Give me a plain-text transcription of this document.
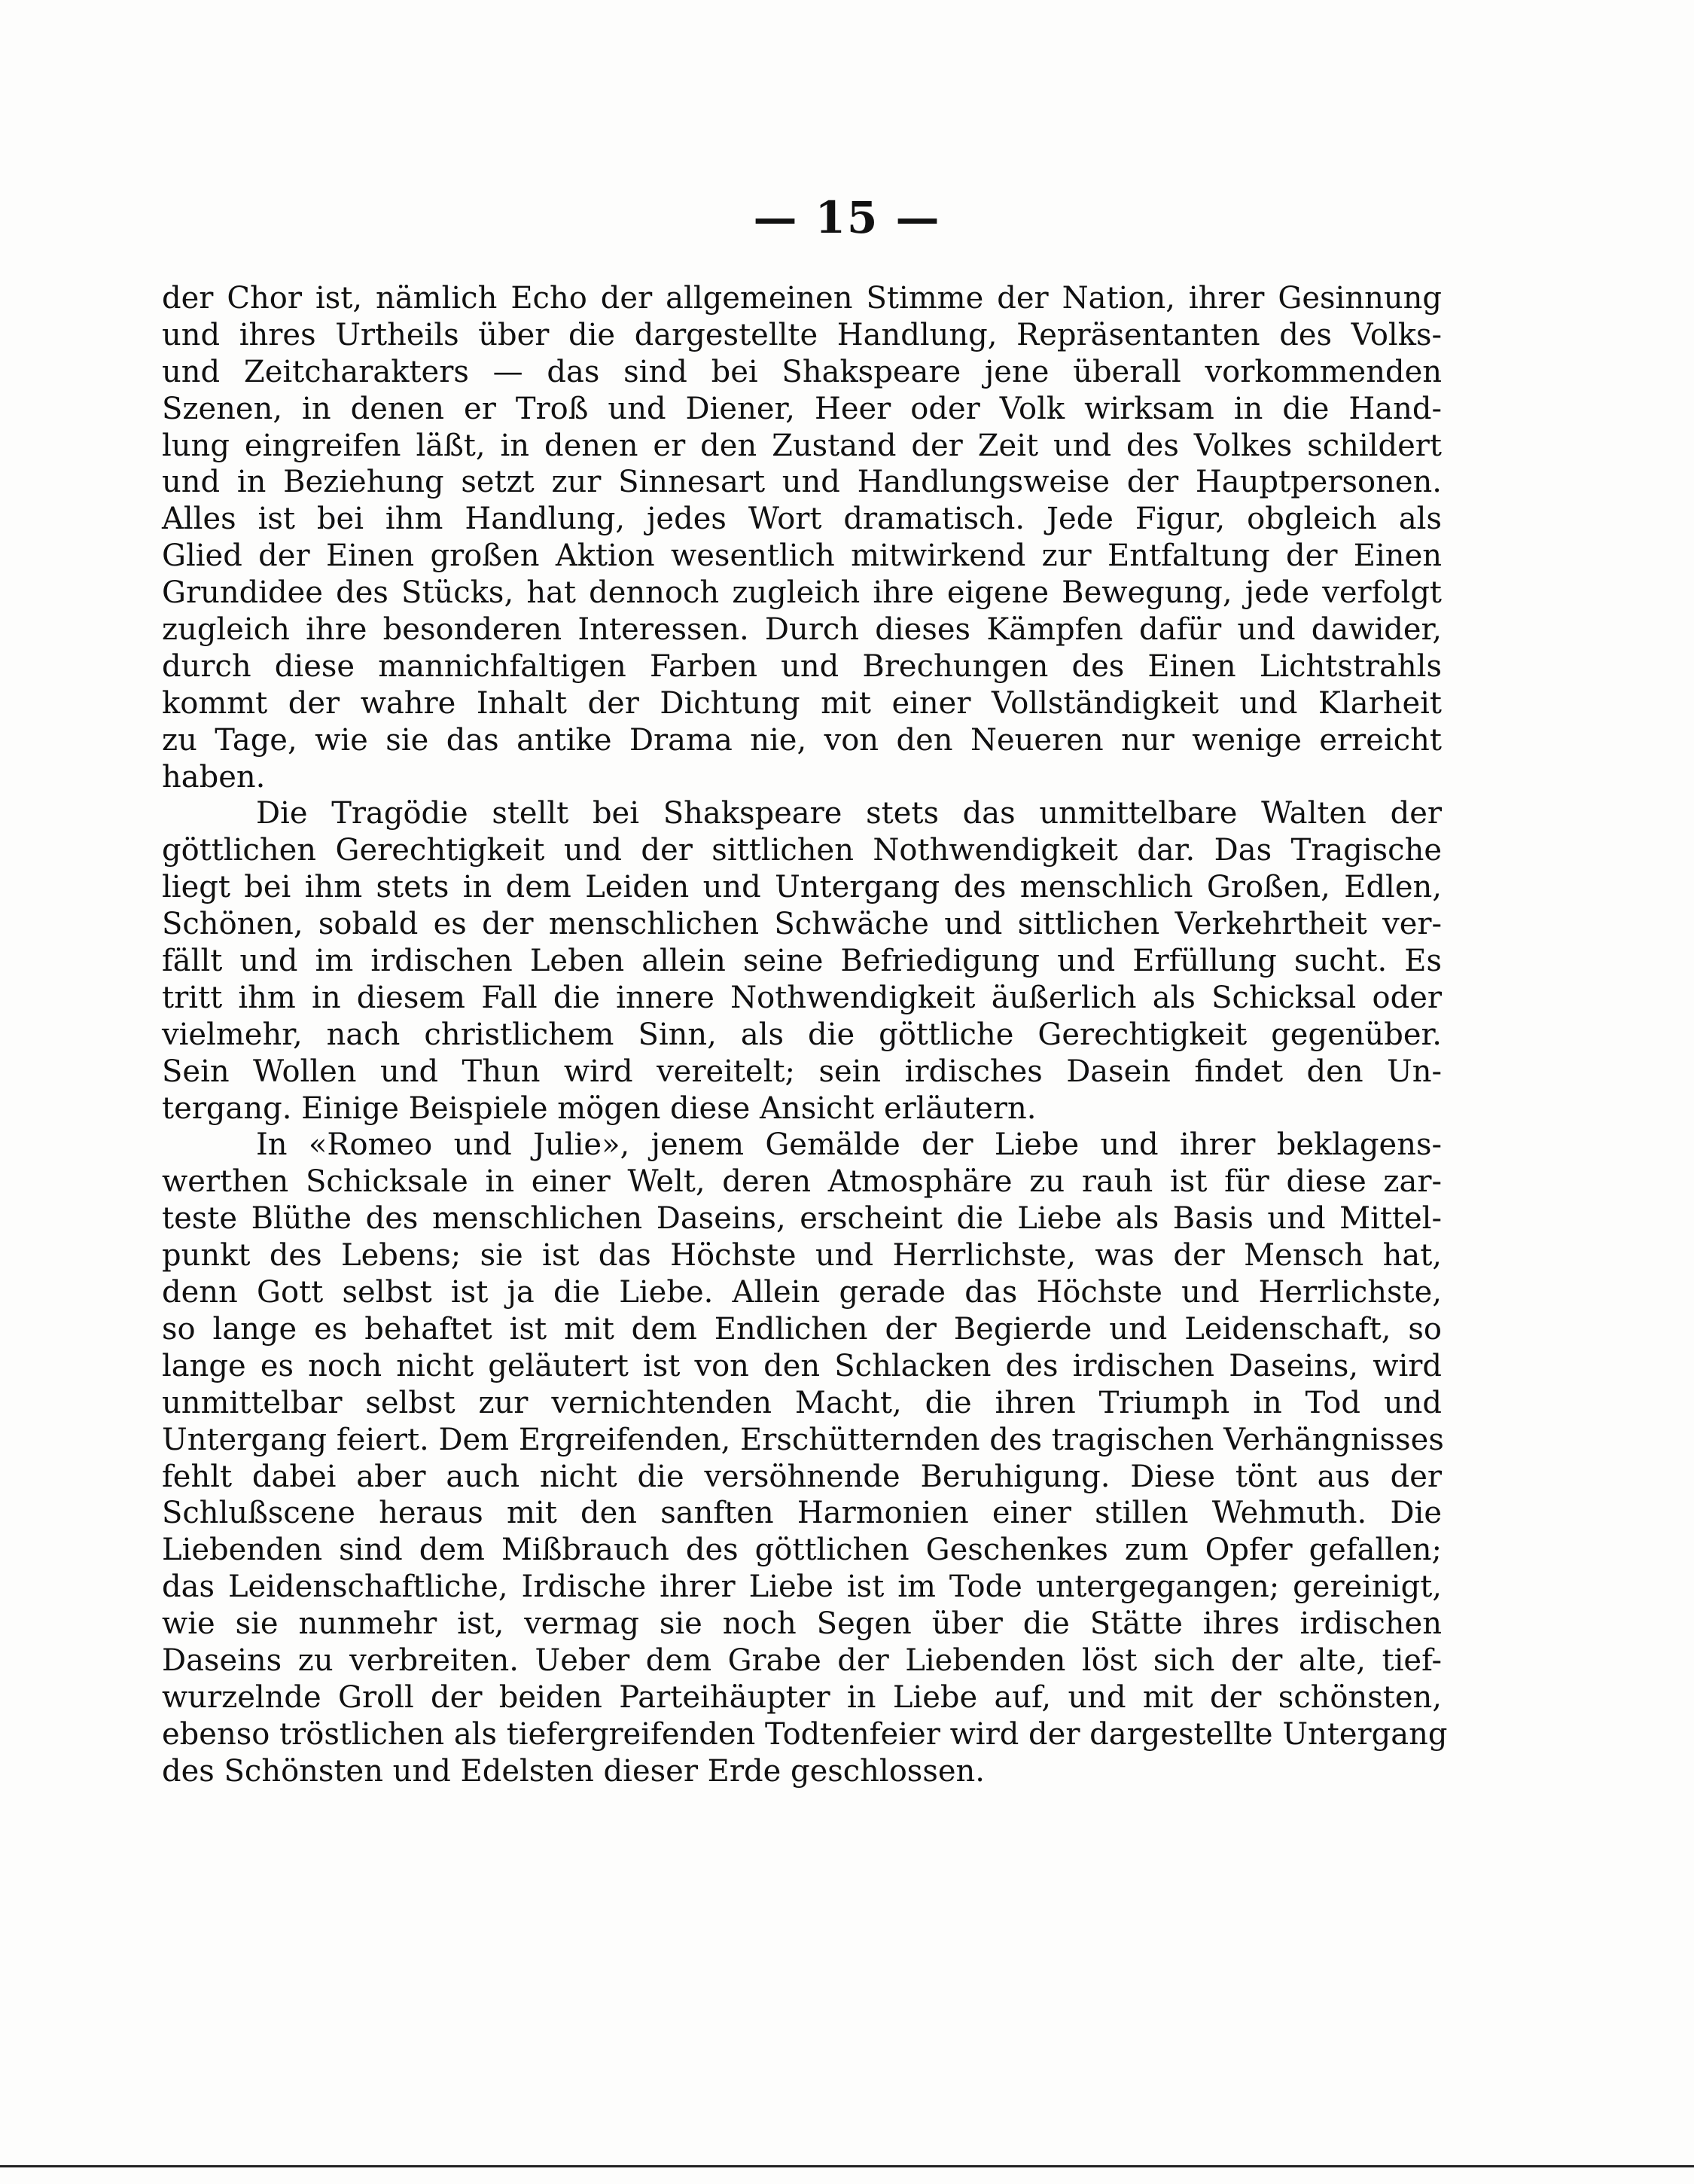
— 15 —
der Chor ist, nämlich Echo der allgemeinen Stimme der Nation, ihrer Gesinnung
und ihres Urtheils über die dargestellte Handlung, Repräsentanten des Volks-
und Zeitcharakters — das sind bei Shakspeare jene überall vorkommenden
Szenen, in denen er Troß und Diener, Heer oder Volk wirksam in die Hand-
lung eingreifen läßt, in denen er den Zustand der Zeit und des Volkes schildert
und in Beziehung setzt zur Sinnesart und Handlungsweise der Hauptpersonen.
Alles ist bei ihm Handlung, jedes Wort dramatisch. Jede Figur, obgleich als
Glied der Einen großen Aktion wesentlich mitwirkend zur Entfaltung der Einen
Grundidee des Stücks, hat dennoch zugleich ihre eigene Bewegung, jede verfolgt
zugleich ihre besonderen Interessen. Durch dieses Kämpfen dafür und dawider,
durch diese mannichfaltigen Farben und Brechungen des Einen Lichtstrahls
kommt der wahre Inhalt der Dichtung mit einer Vollständigkeit und Klarheit
zu Tage, wie sie das antike Drama nie, von den Neueren nur wenige erreicht
haben.
Die Tragödie stellt bei Shakspeare stets das unmittelbare Walten der
göttlichen Gerechtigkeit und der sittlichen Nothwendigkeit dar. Das Tragische
liegt bei ihm stets in dem Leiden und Untergang des menschlich Großen, Edlen,
Schönen, sobald es der menschlichen Schwäche und sittlichen Verkehrtheit ver-
fällt und im irdischen Leben allein seine Befriedigung und Erfüllung sucht. Es
tritt ihm in diesem Fall die innere Nothwendigkeit äußerlich als Schicksal oder
vielmehr, nach christlichem Sinn, als die göttliche Gerechtigkeit gegenüber.
Sein Wollen und Thun wird vereitelt; sein irdisches Dasein findet den Un-
tergang. Einige Beispiele mögen diese Ansicht erläutern.
In «Romeo und Julie», jenem Gemälde der Liebe und ihrer beklagens-
werthen Schicksale in einer Welt, deren Atmosphäre zu rauh ist für diese zar-
teste Blüthe des menschlichen Daseins, erscheint die Liebe als Basis und Mittel-
punkt des Lebens; sie ist das Höchste und Herrlichste, was der Mensch hat,
denn Gott selbst ist ja die Liebe. Allein gerade das Höchste und Herrlichste,
so lange es behaftet ist mit dem Endlichen der Begierde und Leidenschaft, so
lange es noch nicht geläutert ist von den Schlacken des irdischen Daseins, wird
unmittelbar selbst zur vernichtenden Macht, die ihren Triumph in Tod und
Untergang feiert. Dem Ergreifenden, Erschütternden des tragischen Verhängnisses
fehlt dabei aber auch nicht die versöhnende Beruhigung. Diese tönt aus der
Schlußscene heraus mit den sanften Harmonien einer stillen Wehmuth. Die
Liebenden sind dem Mißbrauch des göttlichen Geschenkes zum Opfer gefallen;
das Leidenschaftliche, Irdische ihrer Liebe ist im Tode untergegangen; gereinigt,
wie sie nunmehr ist, vermag sie noch Segen über die Stätte ihres irdischen
Daseins zu verbreiten. Ueber dem Grabe der Liebenden löst sich der alte, tief-
wurzelnde Groll der beiden Parteihäupter in Liebe auf, und mit der schönsten,
ebenso tröstlichen als tiefergreifenden Todtenfeier wird der dargestellte Untergang
des Schönsten und Edelsten dieser Erde geschlossen.
